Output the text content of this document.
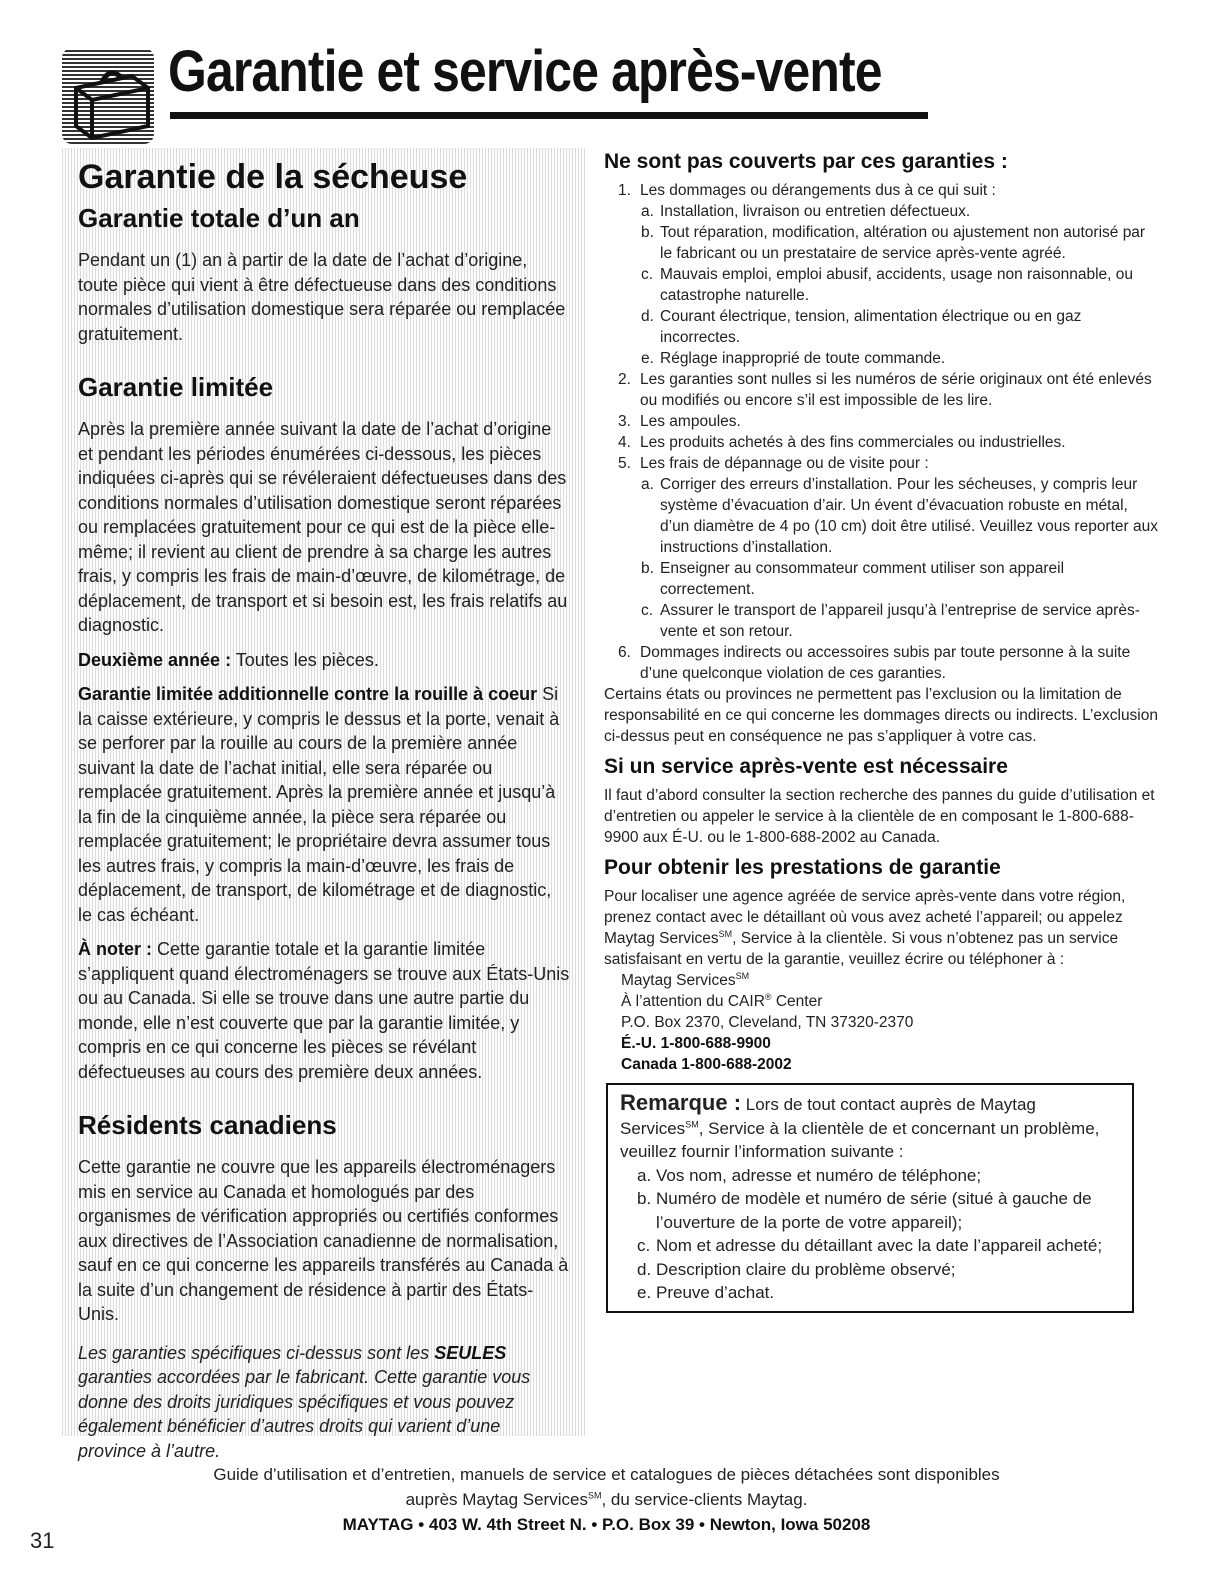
Garantie et service après-vente
Garantie de la sécheuse
Garantie totale d’un an

Pendant un (1) an à partir de la date de l’achat d’origine, toute pièce qui vient à être défectueuse dans des conditions normales d’utilisation domestique sera réparée ou remplacée gratuitement.

Garantie limitée

Après la première année suivant la date de l’achat d’origine et pendant les périodes énumérées ci-dessous, les pièces indiquées ci-après qui se révéleraient défectueuses dans des conditions normales d’utilisation domestique seront réparées ou remplacées gratuitement pour ce qui est de la pièce elle-même; il revient au client de prendre à sa charge les autres frais, y compris les frais de main-d’œuvre, de kilométrage, de déplacement, de transport et si besoin est, les frais relatifs au diagnostic.

Deuxième année : Toutes les pièces.

Garantie limitée additionnelle contre la rouille à coeur Si la caisse extérieure, y compris le dessus et la porte, venait à se perforer par la rouille au cours de la première année suivant la date de l’achat initial, elle sera réparée ou remplacée gratuitement. Après la première année et jusqu’à la fin de la cinquième année, la pièce sera réparée ou remplacée gratuitement; le propriétaire devra assumer tous les autres frais, y compris la main-d’œuvre, les frais de déplacement, de transport, de kilométrage et de diagnostic, le cas échéant.

À noter : Cette garantie totale et la garantie limitée s’appliquent quand électroménagers se trouve aux États-Unis ou au Canada. Si elle se trouve dans une autre partie du monde, elle n’est couverte que par la garantie limitée, y compris en ce qui concerne les pièces se révélant défectueuses au cours des première deux années.

Résidents canadiens

Cette garantie ne couvre que les appareils électroménagers mis en service au Canada et homologués par des organismes de vérification appropriés ou certifiés conformes aux directives de l’Association canadienne de normalisation, sauf en ce qui concerne les appareils transférés au Canada à la suite d’un changement de résidence à partir des États-Unis.

Les garanties spécifiques ci-dessus sont les SEULES garanties accordées par le fabricant. Cette garantie vous donne des droits juridiques spécifiques et vous pouvez également bénéficier d’autres droits qui varient d’une province à l’autre.

Ne sont pas couverts par ces garanties :
1. Les dommages ou dérangements dus à ce qui suit :
a. Installation, livraison ou entretien défectueux.
b. Tout réparation, modification, altération ou ajustement non autorisé par le fabricant ou un prestataire de service après-vente agréé.
c. Mauvais emploi, emploi abusif, accidents, usage non raisonnable, ou catastrophe naturelle.
d. Courant électrique, tension, alimentation électrique ou en gaz incorrectes.
e. Réglage inapproprié de toute commande.
2. Les garanties sont nulles si les numéros de série originaux ont été enlevés ou modifiés ou encore s’il est impossible de les lire.
3. Les ampoules.
4. Les produits achetés à des fins commerciales ou industrielles.
5. Les frais de dépannage ou de visite pour :
a. Corriger des erreurs d’installation. Pour les sécheuses, y compris leur système d’évacuation d’air. Un évent d’évacuation robuste en métal, d’un diamètre de 4 po (10 cm) doit être utilisé. Veuillez vous reporter aux instructions d’installation.
b. Enseigner au consommateur comment utiliser son appareil correctement.
c. Assurer le transport de l’appareil jusqu’à l’entreprise de service après-vente et son retour.
6. Dommages indirects ou accessoires subis par toute personne à la suite d’une quelconque violation de ces garanties.

Certains états ou provinces ne permettent pas l’exclusion ou la limitation de responsabilité en ce qui concerne les dommages directs ou indirects. L’exclusion ci-dessus peut en conséquence ne pas s’appliquer à votre cas.

Si un service après-vente est nécessaire

Il faut d’abord consulter la section recherche des pannes du guide d’utilisation et d’entretien ou appeler le service à la clientèle de en composant le 1-800-688-9900 aux É-U. ou le 1-800-688-2002 au Canada.

Pour obtenir les prestations de garantie

Pour localiser une agence agréée de service après-vente dans votre région, prenez contact avec le détaillant où vous avez acheté l’appareil; ou appelez Maytag Services℠, Service à la clientèle. Si vous n’obtenez pas un service satisfaisant en vertu de la garantie, veuillez écrire ou téléphoner à :

Maytag Services℠
À l’attention du CAIR® Center
P.O. Box 2370, Cleveland, TN 37320-2370
É.-U. 1-800-688-9900
Canada 1-800-688-2002

Remarque : Lors de tout contact auprès de Maytag Services℠, Service à la clientèle de et concernant un problème, veuillez fournir l’information suivante :

a. Vos nom, adresse et numéro de téléphone;
b. Numéro de modèle et numéro de série (situé à gauche de l’ouverture de la porte de votre appareil);
c. Nom et adresse du détaillant avec la date l’appareil acheté;
d. Description claire du problème observé;
e. Preuve d’achat.

Guide d’utilisation et d’entretien, manuels de service et catalogues de pièces détachées sont disponibles

auprès Maytag Services℠, du service-clients Maytag.

MAYTAG • 403 W. 4th Street N. • P.O. Box 39 • Newton, Iowa 50208

31
